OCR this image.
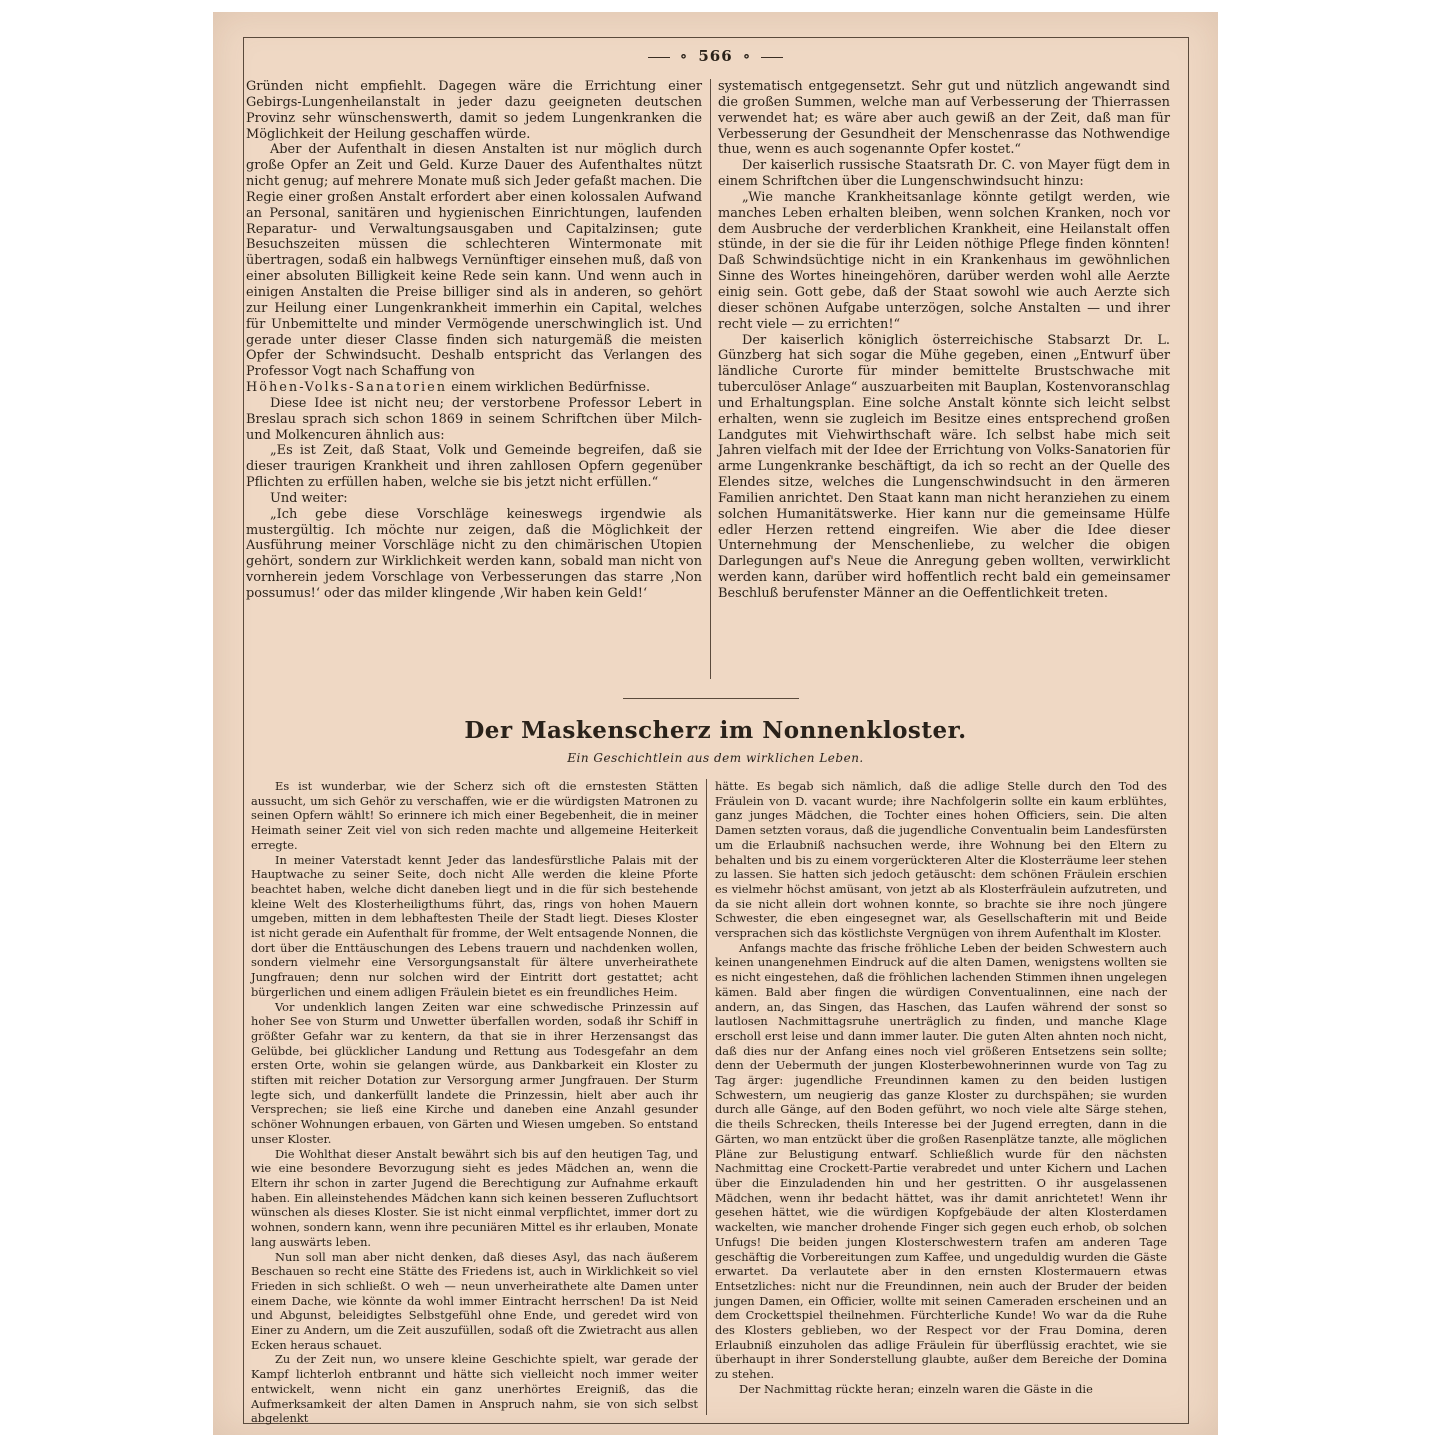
∘ 566 ∘

Gründen nicht empfiehlt. Dagegen wäre die Errichtung einer Gebirgs-Lungenheilanstalt in jeder dazu geeigneten deutschen Provinz sehr wünschenswerth, damit so jedem Lungenkranken die Möglichkeit der Heilung geschaffen würde.

Aber der Aufenthalt in diesen Anstalten ist nur möglich durch große Opfer an Zeit und Geld. Kurze Dauer des Aufenthaltes nützt nicht genug; auf mehrere Monate muß sich Jeder gefaßt machen. Die Regie einer großen Anstalt erfordert aber einen kolossalen Aufwand an Personal, sanitären und hygienischen Einrichtungen, laufenden Reparatur- und Verwaltungsausgaben und Capitalzinsen; gute Besuchszeiten müssen die schlechteren Wintermonate mit übertragen, sodaß ein halbwegs Vernünftiger einsehen muß, daß von einer absoluten Billigkeit keine Rede sein kann. Und wenn auch in einigen Anstalten die Preise billiger sind als in anderen, so gehört zur Heilung einer Lungenkrankheit immerhin ein Capital, welches für Unbemittelte und minder Vermögende unerschwinglich ist. Und gerade unter dieser Classe finden sich naturgemäß die meisten Opfer der Schwindsucht. Deshalb entspricht das Verlangen des Professor Vogt nach Schaffung von

Höhen-Volks-Sanatorien einem wirklichen Bedürfnisse.

Diese Idee ist nicht neu; der verstorbene Professor Lebert in Breslau sprach sich schon 1869 in seinem Schriftchen über Milch- und Molkencuren ähnlich aus:

„Es ist Zeit, daß Staat, Volk und Gemeinde begreifen, daß sie dieser traurigen Krankheit und ihren zahllosen Opfern gegenüber Pflichten zu erfüllen haben, welche sie bis jetzt nicht erfüllen.“

Und weiter:

„Ich gebe diese Vorschläge keineswegs irgendwie als mustergültig. Ich möchte nur zeigen, daß die Möglichkeit der Ausführung meiner Vorschläge nicht zu den chimärischen Utopien gehört, sondern zur Wirklichkeit werden kann, sobald man nicht von vornherein jedem Vorschlage von Verbesserungen das starre ‚Non possumus!‘ oder das milder klingende ‚Wir haben kein Geld!‘

systematisch entgegensetzt. Sehr gut und nützlich angewandt sind die großen Summen, welche man auf Verbesserung der Thierrassen verwendet hat; es wäre aber auch gewiß an der Zeit, daß man für Verbesserung der Gesundheit der Menschenrasse das Nothwendige thue, wenn es auch sogenannte Opfer kostet.“

Der kaiserlich russische Staatsrath Dr. C. von Mayer fügt dem in einem Schriftchen über die Lungenschwindsucht hinzu:

„Wie manche Krankheitsanlage könnte getilgt werden, wie manches Leben erhalten bleiben, wenn solchen Kranken, noch vor dem Ausbruche der verderblichen Krankheit, eine Heilanstalt offen stünde, in der sie die für ihr Leiden nöthige Pflege finden könnten! Daß Schwindsüchtige nicht in ein Krankenhaus im gewöhnlichen Sinne des Wortes hineingehören, darüber werden wohl alle Aerzte einig sein. Gott gebe, daß der Staat sowohl wie auch Aerzte sich dieser schönen Aufgabe unterzögen, solche Anstalten — und ihrer recht viele — zu errichten!“

Der kaiserlich königlich österreichische Stabsarzt Dr. L. Günzberg hat sich sogar die Mühe gegeben, einen „Entwurf über ländliche Curorte für minder bemittelte Brustschwache mit tuberculöser Anlage“ auszuarbeiten mit Bauplan, Kostenvoranschlag und Erhaltungsplan. Eine solche Anstalt könnte sich leicht selbst erhalten, wenn sie zugleich im Besitze eines entsprechend großen Landgutes mit Viehwirthschaft wäre. Ich selbst habe mich seit Jahren vielfach mit der Idee der Errichtung von Volks-Sanatorien für arme Lungenkranke beschäftigt, da ich so recht an der Quelle des Elendes sitze, welches die Lungenschwindsucht in den ärmeren Familien anrichtet. Den Staat kann man nicht heranziehen zu einem solchen Humanitätswerke. Hier kann nur die gemeinsame Hülfe edler Herzen rettend eingreifen. Wie aber die Idee dieser Unternehmung der Menschenliebe, zu welcher die obigen Darlegungen auf's Neue die Anregung geben wollten, verwirklicht werden kann, darüber wird hoffentlich recht bald ein gemeinsamer Beschluß berufenster Männer an die Oeffentlichkeit treten.

Der Maskenscherz im Nonnenkloster.
Ein Geschichtlein aus dem wirklichen Leben.

Es ist wunderbar, wie der Scherz sich oft die ernstesten Stätten aussucht, um sich Gehör zu verschaffen, wie er die würdigsten Matronen zu seinen Opfern wählt! So erinnere ich mich einer Begebenheit, die in meiner Heimath seiner Zeit viel von sich reden machte und allgemeine Heiterkeit erregte.

In meiner Vaterstadt kennt Jeder das landesfürstliche Palais mit der Hauptwache zu seiner Seite, doch nicht Alle werden die kleine Pforte beachtet haben, welche dicht daneben liegt und in die für sich bestehende kleine Welt des Klosterheiligthums führt, das, rings von hohen Mauern umgeben, mitten in dem lebhaftesten Theile der Stadt liegt. Dieses Kloster ist nicht gerade ein Aufenthalt für fromme, der Welt entsagende Nonnen, die dort über die Enttäuschungen des Lebens trauern und nachdenken wollen, sondern vielmehr eine Versorgungsanstalt für ältere unverheirathete Jungfrauen; denn nur solchen wird der Eintritt dort gestattet; acht bürgerlichen und einem adligen Fräulein bietet es ein freundliches Heim.

Vor undenklich langen Zeiten war eine schwedische Prinzessin auf hoher See von Sturm und Unwetter überfallen worden, sodaß ihr Schiff in größter Gefahr war zu kentern, da that sie in ihrer Herzensangst das Gelübde, bei glücklicher Landung und Rettung aus Todesgefahr an dem ersten Orte, wohin sie gelangen würde, aus Dankbarkeit ein Kloster zu stiften mit reicher Dotation zur Versorgung armer Jungfrauen. Der Sturm legte sich, und dankerfüllt landete die Prinzessin, hielt aber auch ihr Versprechen; sie ließ eine Kirche und daneben eine Anzahl gesunder schöner Wohnungen erbauen, von Gärten und Wiesen umgeben. So entstand unser Kloster.

Die Wohlthat dieser Anstalt bewährt sich bis auf den heutigen Tag, und wie eine besondere Bevorzugung sieht es jedes Mädchen an, wenn die Eltern ihr schon in zarter Jugend die Berechtigung zur Aufnahme erkauft haben. Ein alleinstehendes Mädchen kann sich keinen besseren Zufluchtsort wünschen als dieses Kloster. Sie ist nicht einmal verpflichtet, immer dort zu wohnen, sondern kann, wenn ihre pecuniären Mittel es ihr erlauben, Monate lang auswärts leben.

Nun soll man aber nicht denken, daß dieses Asyl, das nach äußerem Beschauen so recht eine Stätte des Friedens ist, auch in Wirklichkeit so viel Frieden in sich schließt. O weh — neun unverheirathete alte Damen unter einem Dache, wie könnte da wohl immer Eintracht herrschen! Da ist Neid und Abgunst, beleidigtes Selbstgefühl ohne Ende, und geredet wird von Einer zu Andern, um die Zeit auszufüllen, sodaß oft die Zwietracht aus allen Ecken heraus schauet.

Zu der Zeit nun, wo unsere kleine Geschichte spielt, war gerade der Kampf lichterloh entbrannt und hätte sich vielleicht noch immer weiter entwickelt, wenn nicht ein ganz unerhörtes Ereigniß, das die Aufmerksamkeit der alten Damen in Anspruch nahm, sie von sich selbst abgelenkt

hätte. Es begab sich nämlich, daß die adlige Stelle durch den Tod des Fräulein von D. vacant wurde; ihre Nachfolgerin sollte ein kaum erblühtes, ganz junges Mädchen, die Tochter eines hohen Officiers, sein. Die alten Damen setzten voraus, daß die jugendliche Conventualin beim Landesfürsten um die Erlaubniß nachsuchen werde, ihre Wohnung bei den Eltern zu behalten und bis zu einem vorgerückteren Alter die Klosterräume leer stehen zu lassen. Sie hatten sich jedoch getäuscht: dem schönen Fräulein erschien es vielmehr höchst amüsant, von jetzt ab als Klosterfräulein aufzutreten, und da sie nicht allein dort wohnen konnte, so brachte sie ihre noch jüngere Schwester, die eben eingesegnet war, als Gesellschafterin mit und Beide versprachen sich das köstlichste Vergnügen von ihrem Aufenthalt im Kloster.

Anfangs machte das frische fröhliche Leben der beiden Schwestern auch keinen unangenehmen Eindruck auf die alten Damen, wenigstens wollten sie es nicht eingestehen, daß die fröhlichen lachenden Stimmen ihnen ungelegen kämen. Bald aber fingen die würdigen Conventualinnen, eine nach der andern, an, das Singen, das Haschen, das Laufen während der sonst so lautlosen Nachmittagsruhe unerträglich zu finden, und manche Klage erscholl erst leise und dann immer lauter. Die guten Alten ahnten noch nicht, daß dies nur der Anfang eines noch viel größeren Entsetzens sein sollte; denn der Uebermuth der jungen Klosterbewohnerinnen wurde von Tag zu Tag ärger: jugendliche Freundinnen kamen zu den beiden lustigen Schwestern, um neugierig das ganze Kloster zu durchspähen; sie wurden durch alle Gänge, auf den Boden geführt, wo noch viele alte Särge stehen, die theils Schrecken, theils Interesse bei der Jugend erregten, dann in die Gärten, wo man entzückt über die großen Rasenplätze tanzte, alle möglichen Pläne zur Belustigung entwarf. Schließlich wurde für den nächsten Nachmittag eine Crockett-Partie verabredet und unter Kichern und Lachen über die Einzuladenden hin und her gestritten. O ihr ausgelassenen Mädchen, wenn ihr bedacht hättet, was ihr damit anrichtetet! Wenn ihr gesehen hättet, wie die würdigen Kopfgebäude der alten Klosterdamen wackelten, wie mancher drohende Finger sich gegen euch erhob, ob solchen Unfugs! Die beiden jungen Klosterschwestern trafen am anderen Tage geschäftig die Vorbereitungen zum Kaffee, und ungeduldig wurden die Gäste erwartet. Da verlautete aber in den ernsten Klostermauern etwas Entsetzliches: nicht nur die Freundinnen, nein auch der Bruder der beiden jungen Damen, ein Officier, wollte mit seinen Cameraden erscheinen und an dem Crockettspiel theilnehmen. Fürchterliche Kunde! Wo war da die Ruhe des Klosters geblieben, wo der Respect vor der Frau Domina, deren Erlaubniß einzuholen das adlige Fräulein für überflüssig erachtet, wie sie überhaupt in ihrer Sonderstellung glaubte, außer dem Bereiche der Domina zu stehen.

Der Nachmittag rückte heran; einzeln waren die Gäste in die
